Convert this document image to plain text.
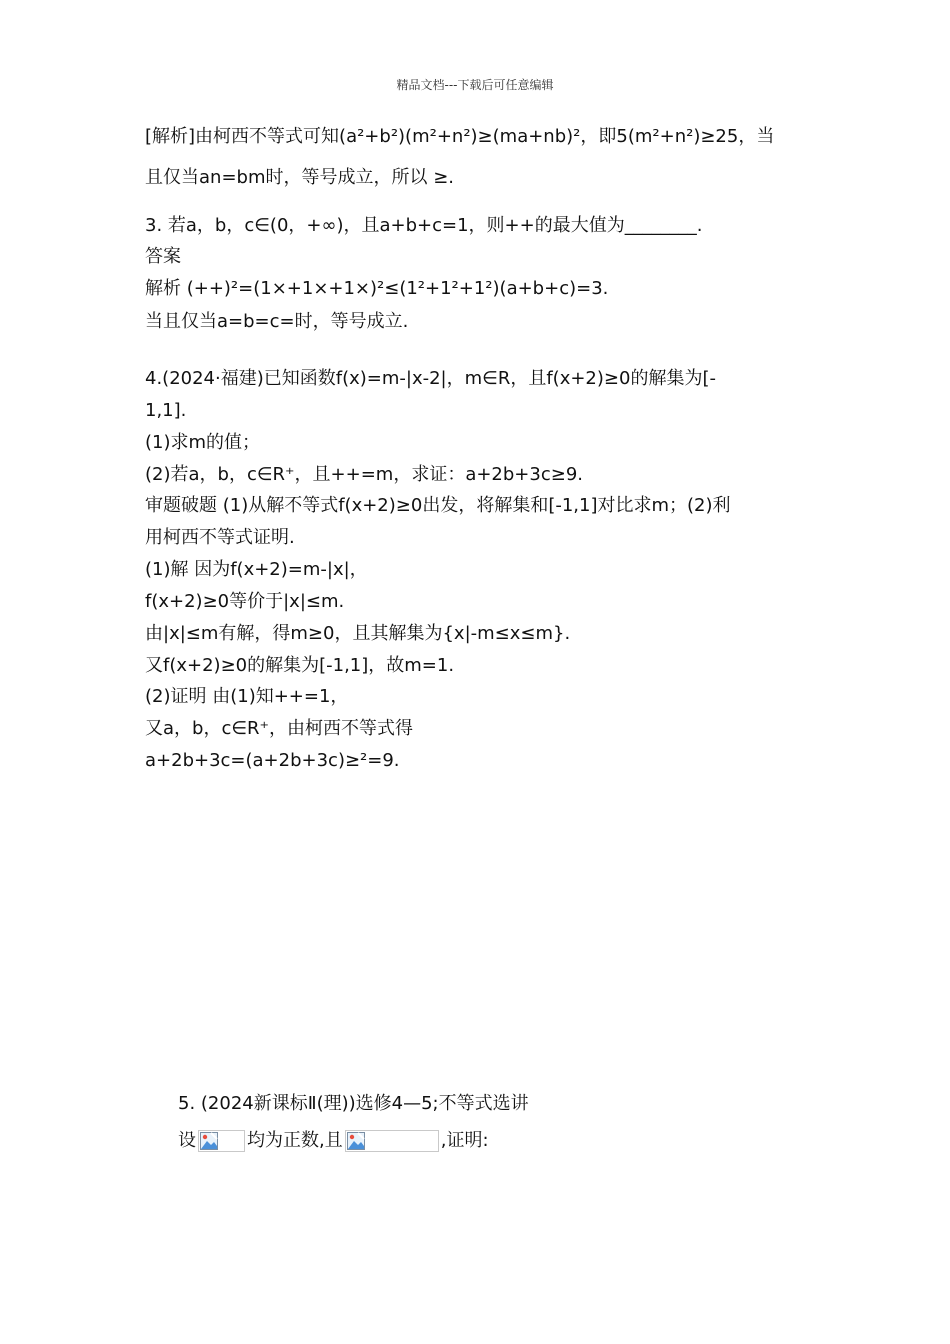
精品文档---下载后可任意编辑
[解析]由柯西不等式可知(a²+b²)(m²+n²)≥(ma+nb)²，即5(m²+n²)≥25，当
且仅当an=bm时，等号成立，所以 ≥.
3. 若a，b，c∈(0，+∞)，且a+b+c=1，则++的最大值为________.
答案
解析 (++)²=(1×+1×+1×)²≤(1²+1²+1²)(a+b+c)=3.
当且仅当a=b=c=时，等号成立.
4.(2024·福建)已知函数f(x)=m-|x-2|，m∈R，且f(x+2)≥0的解集为[-
1,1].
(1)求m的值；
(2)若a，b，c∈R⁺，且++=m，求证：a+2b+3c≥9.
审题破题 (1)从解不等式f(x+2)≥0出发，将解集和[-1,1]对比求m；(2)利
用柯西不等式证明.
(1)解 因为f(x+2)=m-|x|，
f(x+2)≥0等价于|x|≤m.
由|x|≤m有解，得m≥0，且其解集为{x|-m≤x≤m}.
又f(x+2)≥0的解集为[-1,1]，故m=1.
(2)证明 由(1)知++=1，
又a，b，c∈R⁺，由柯西不等式得
a+2b+3c=(a+2b+3c)≥²=9.
5. (2024新课标Ⅱ(理))选修4—5;不等式选讲
设	均为正数,且	,证明:
